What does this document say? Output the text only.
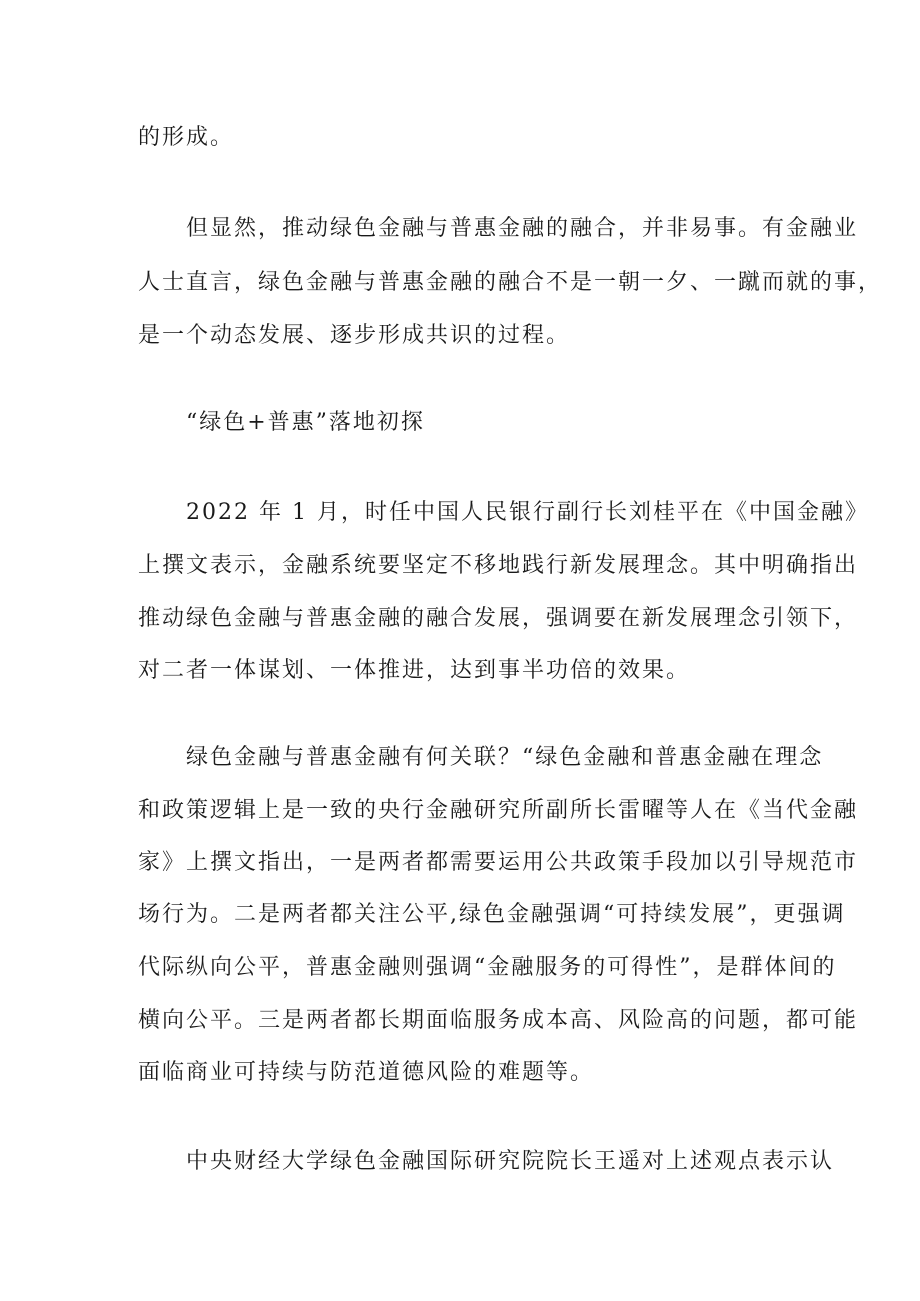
的形成。
但显然，推动绿色金融与普惠金融的融合，并非易事。有金融业
人士直言，绿色金融与普惠金融的融合不是一朝一夕、一蹴而就的事，
是一个动态发展、逐步形成共识的过程。
“绿色+普惠”落地初探
2022 年 1 月，时任中国人民银行副行长刘桂平在《中国金融》
上撰文表示，金融系统要坚定不移地践行新发展理念。其中明确指出
推动绿色金融与普惠金融的融合发展，强调要在新发展理念引领下，
对二者一体谋划、一体推进，达到事半功倍的效果。
绿色金融与普惠金融有何关联？“绿色金融和普惠金融在理念
和政策逻辑上是一致的央行金融研究所副所长雷曜等人在《当代金融
家》上撰文指出，一是两者都需要运用公共政策手段加以引导规范市
场行为。二是两者都关注公平,绿色金融强调“可持续发展”，更强调
代际纵向公平，普惠金融则强调“金融服务的可得性”，是群体间的
横向公平。三是两者都长期面临服务成本高、风险高的问题，都可能
面临商业可持续与防范道德风险的难题等。
中央财经大学绿色金融国际研究院院长王遥对上述观点表示认
